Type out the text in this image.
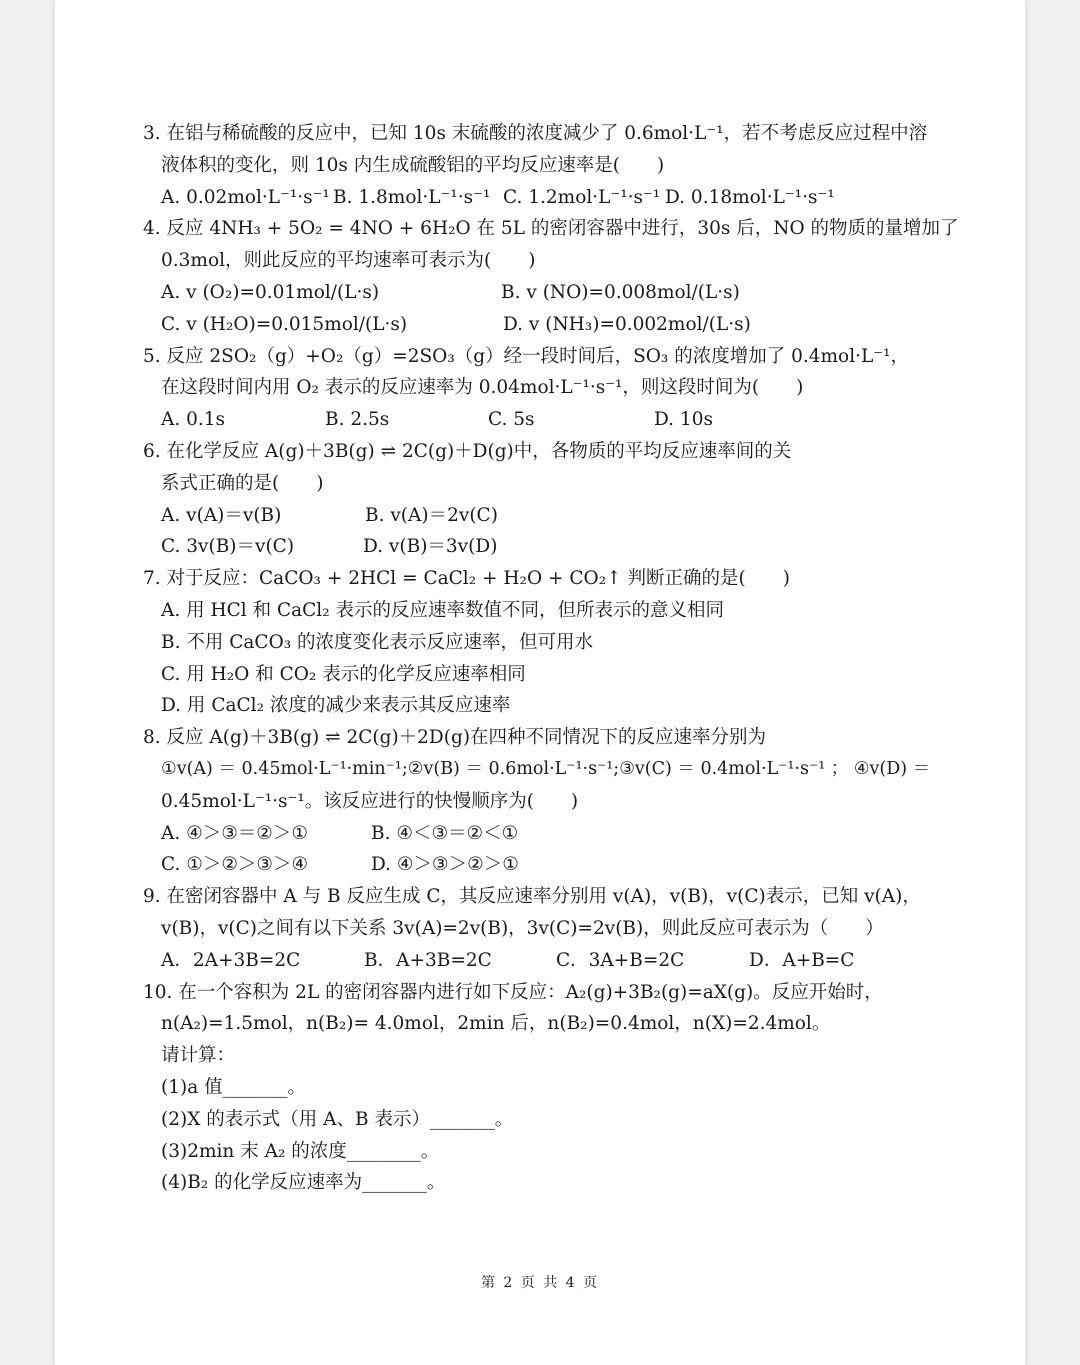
3. 在铝与稀硫酸的反应中，已知 10s 末硫酸的浓度减少了 0.6mol·L⁻¹，若不考虑反应过程中溶
液体积的变化，则 10s 内生成硫酸铝的平均反应速率是(　　)
A. 0.02mol·L⁻¹·s⁻¹ B. 1.8mol·L⁻¹·s⁻¹ C. 1.2mol·L⁻¹·s⁻¹ D. 0.18mol·L⁻¹·s⁻¹
4. 反应 4NH₃ + 5O₂ = 4NO + 6H₂O 在 5L 的密闭容器中进行，30s 后，NO 的物质的量增加了
0.3mol，则此反应的平均速率可表示为(　　)
A. v (O₂)=0.01mol/(L·s)	B. v (NO)=0.008mol/(L·s)
C. v (H₂O)=0.015mol/(L·s)	D. v (NH₃)=0.002mol/(L·s)
5. 反应 2SO₂（g）+O₂（g）=2SO₃（g）经一段时间后，SO₃ 的浓度增加了 0.4mol·L⁻¹，
在这段时间内用 O₂ 表示的反应速率为 0.04mol·L⁻¹·s⁻¹，则这段时间为(　　)
A. 0.1s	B. 2.5s	C. 5s	D. 10s
6. 在化学反应 A(g)＋3B(g) ⇌ 2C(g)＋D(g)中，各物质的平均反应速率间的关
系式正确的是(　　)
A. v(A)＝v(B)	B. v(A)＝2v(C)
C. 3v(B)＝v(C)	D. v(B)＝3v(D)
7. 对于反应：CaCO₃ + 2HCl = CaCl₂ + H₂O + CO₂↑ 判断正确的是(　　)
A. 用 HCl 和 CaCl₂ 表示的反应速率数值不同，但所表示的意义相同
B. 不用 CaCO₃ 的浓度变化表示反应速率，但可用水
C. 用 H₂O 和 CO₂ 表示的化学反应速率相同
D. 用 CaCl₂ 浓度的减少来表示其反应速率
8. 反应 A(g)＋3B(g) ⇌ 2C(g)＋2D(g)在四种不同情况下的反应速率分别为
①v(A) ＝ 0.45mol·L⁻¹·min⁻¹;②v(B) ＝ 0.6mol·L⁻¹·s⁻¹;③v(C) ＝ 0.4mol·L⁻¹·s⁻¹ ； ④v(D) ＝
0.45mol·L⁻¹·s⁻¹。该反应进行的快慢顺序为(　　)
A. ④＞③＝②＞①	B. ④＜③＝②＜①
C. ①＞②＞③＞④	D. ④＞③＞②＞①
9. 在密闭容器中 A 与 B 反应生成 C，其反应速率分别用 v(A)，v(B)，v(C)表示，已知 v(A)，
v(B)，v(C)之间有以下关系 3v(A)=2v(B)，3v(C)=2v(B)，则此反应可表示为（　　）
A．2A+3B=2C	B．A+3B=2C	C．3A+B=2C	D．A+B=C
10. 在一个容积为 2L 的密闭容器内进行如下反应：A₂(g)+3B₂(g)=aX(g)。反应开始时，
n(A₂)=1.5mol，n(B₂)= 4.0mol，2min 后，n(B₂)=0.4mol，n(X)=2.4mol。
请计算：
(1)a 值_______。
(2)X 的表示式（用 A、B 表示）_______。
(3)2min 末 A₂ 的浓度________。
(4)B₂ 的化学反应速率为_______。
第 2 页 共 4 页
